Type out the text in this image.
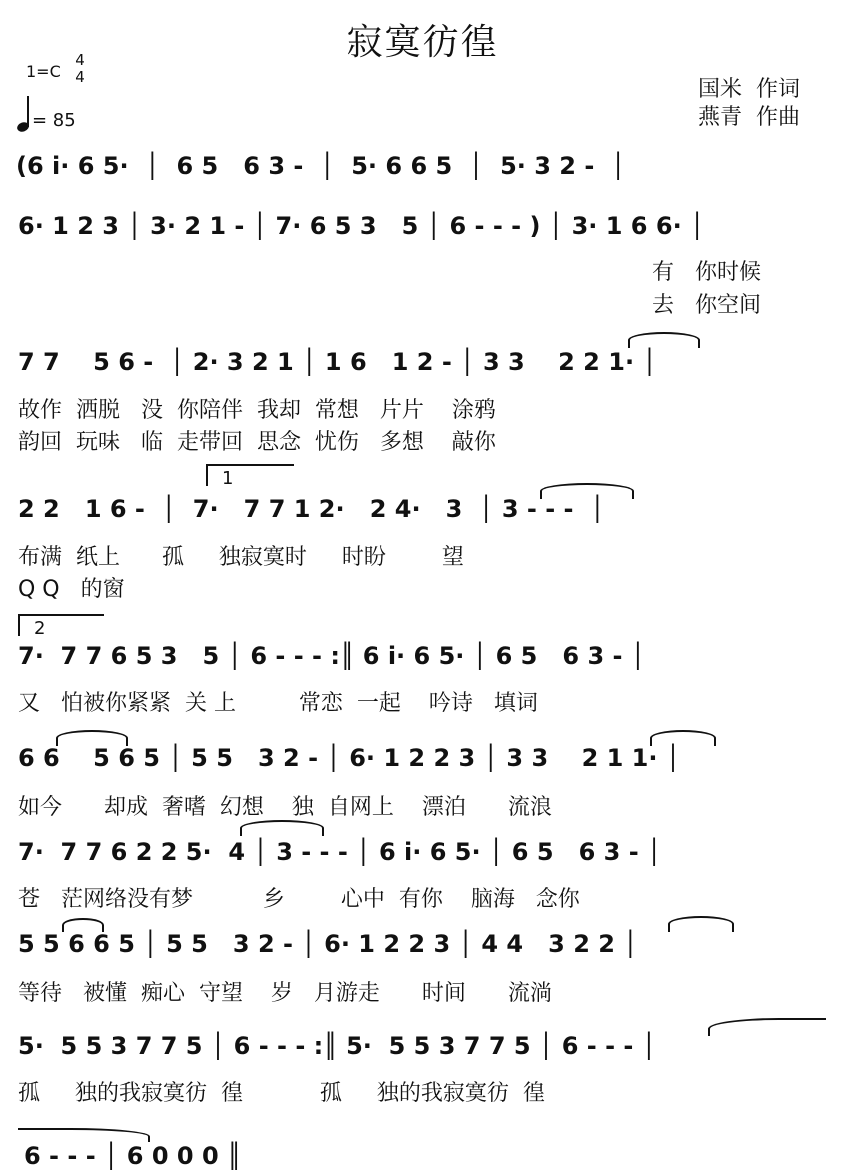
寂寞彷徨
1=C
4
4
= 85
国米  作词
燕青  作曲
(6 i· 6 5·  │  6 5   6 3 -  │  5· 6 6 5  │  5· 3 2 -  │
6· 1 2 3 │ 3· 2 1 - │ 7· 6 5 3   5 │ 6 - - - ) │ 3· 1 6 6· │
有   你时候
去   你空间
7 7    5 6 -  │ 2· 3 2 1 │ 1 6   1 2 - │ 3 3    2 2 1· │
故作  洒脱   没  你陪伴  我却  常想   片片    涂鸦
韵回  玩味   临  走带回  思念  忧伤   多想    敲你
1
2 2   1 6 -  │  7·   7 7 1 2·   2 4·   3  │ 3 - - -  │
布满  纸上      孤     独寂寞时     时盼        望
Q Q   的窗
2
7·  7 7 6 5 3   5 │ 6 - - - :║ 6 i· 6 5· │ 6 5   6 3 - │
又   怕被你紧紧  关 上         常恋  一起    吟诗   填词
6 6    5 6 5 │ 5 5   3 2 - │ 6· 1 2 2 3 │ 3 3    2 1 1· │
如今      却成  奢嗜  幻想    独  自网上    漂泊      流浪
7·  7 7 6 2 2 5·  4 │ 3 - - - │ 6 i· 6 5· │ 6 5   6 3 - │
苍   茫网络没有梦          乡        心中  有你    脑海   念你
5 5 6 6 5 │ 5 5   3 2 - │ 6· 1 2 2 3 │ 4 4   3 2 2 │
等待   被懂  痴心  守望    岁   月游走      时间      流淌
5·  5 5 3 7 7 5 │ 6 - - - :║ 5·  5 5 3 7 7 5 │ 6 - - - │
孤     独的我寂寞彷  徨           孤     独的我寂寞彷  徨
6 - - - │ 6 0 0 0 ║
